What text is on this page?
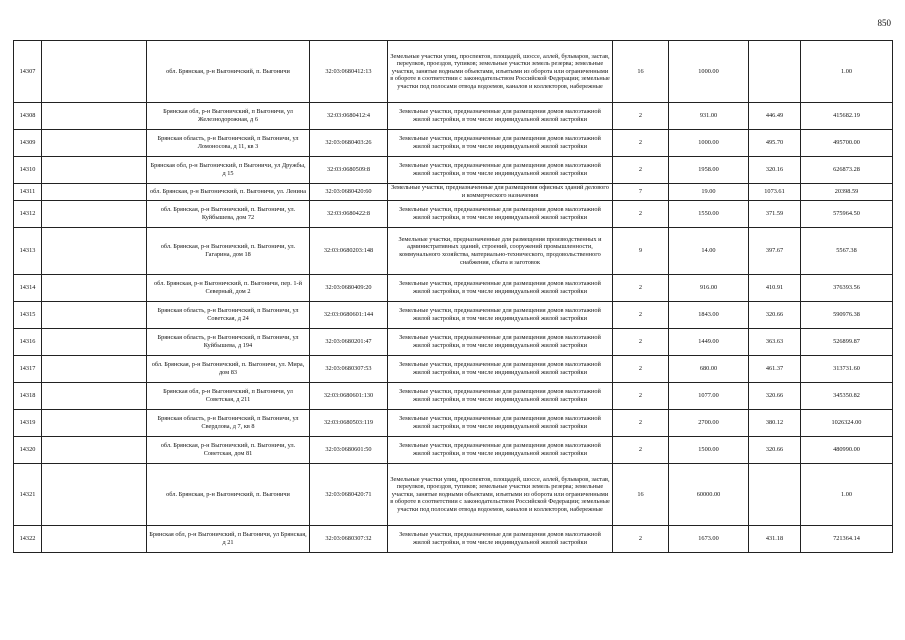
850
14307		обл. Брянская, р-н Выгоничский, п. Выгоничи	32:03:0680412:13	Земельные участки улиц, проспектов, площадей, шоссе, аллей, бульваров, застав, переулков, проездов, тупиков; земельные участки земель резерва; земельные участки, занятые водными объектами, изъятыми из оборота или ограниченными в обороте в соответствии с законодательством Российской Федерации; земельные участки под полосами отвода водоемов, каналов и коллекторов, набережные	16	1000.00		1.00
14308		Брянская обл, р-н Выгоничский, п Выгоничи, ул Железнодорожная, д 6	32:03:0680412:4	Земельные участки, предназначенные для размещения домов малоэтажной жилой застройки, в том числе индивидуальной жилой застройки	2	931.00	446.49	415682.19
14309		Брянская область, р-н Выгоничский, п Выгоничи, ул Ломоносова, д 11, кв 3	32:03:0680403:26	Земельные участки, предназначенные для размещения домов малоэтажной жилой застройки, в том числе индивидуальной жилой застройки	2	1000.00	495.70	495700.00
14310		Брянская обл, р-н Выгоничский, п Выгоничи, ул Дружбы, д 15	32:03:0680509:8	Земельные участки, предназначенные для размещения домов малоэтажной жилой застройки, в том числе индивидуальной жилой застройки	2	1958.00	320.16	626873.28
14311		обл. Брянская, р-н Выгоничский, п. Выгоничи, ул. Ленина	32:03:0680420:60	Земельные участки, предназначенные для размещения офисных зданий делового и коммерческого назначения	7	19.00	1073.61	20398.59
14312		обл. Брянская, р-н Выгоничский, п. Выгоничи, ул. Куйбышева, дом 72	32:03:0680422:8	Земельные участки, предназначенные для размещения домов малоэтажной жилой застройки, в том числе индивидуальной жилой застройки	2	1550.00	371.59	575964.50
14313		обл. Брянская, р-н Выгоничский, п. Выгоничи, ул. Гагарина, дом 18	32:03:0680203:148	Земельные участки, предназначенные для размещения производственных и административных зданий, строений, сооружений промышленности, коммунального хозяйства, материально-технического, продовольственного снабжения, сбыта и заготовок	9	14.00	397.67	5567.38
14314		обл. Брянская, р-н Выгоничский, п. Выгоничи, пер. 1-й Северный, дом 2	32:03:0680409:20	Земельные участки, предназначенные для размещения домов малоэтажной жилой застройки, в том числе индивидуальной жилой застройки	2	916.00	410.91	376393.56
14315		Брянская область, р-н Выгоничский, п Выгоничи, ул Советская, д 24	32:03:0680601:144	Земельные участки, предназначенные для размещения домов малоэтажной жилой застройки, в том числе индивидуальной жилой застройки	2	1843.00	320.66	590976.38
14316		Брянская область, р-н Выгоничский, п Выгоничи, ул Куйбышева, д 194	32:03:0680201:47	Земельные участки, предназначенные для размещения домов малоэтажной жилой застройки, в том числе индивидуальной жилой застройки	2	1449.00	363.63	526899.87
14317		обл. Брянская, р-н Выгоничский, п. Выгоничи, ул. Мира, дом 83	32:03:0680307:53	Земельные участки, предназначенные для размещения домов малоэтажной жилой застройки, в том числе индивидуальной жилой застройки	2	680.00	461.37	313731.60
14318		Брянская обл, р-н Выгоничский, п Выгоничи, ул Советская, д 211	32:03:0680601:130	Земельные участки, предназначенные для размещения домов малоэтажной жилой застройки, в том числе индивидуальной жилой застройки	2	1077.00	320.66	345350.82
14319		Брянская область, р-н Выгоничский, п Выгоничи, ул Свердлова, д 7, кв 8	32:03:0680503:119	Земельные участки, предназначенные для размещения домов малоэтажной жилой застройки, в том числе индивидуальной жилой застройки	2	2700.00	380.12	1026324.00
14320		обл. Брянская, р-н Выгоничский, п. Выгоничи, ул. Советская, дом 81	32:03:0680601:50	Земельные участки, предназначенные для размещения домов малоэтажной жилой застройки, в том числе индивидуальной жилой застройки	2	1500.00	320.66	480990.00
14321		обл. Брянская, р-н Выгоничский, п. Выгоничи	32:03:0680420:71	Земельные участки улиц, проспектов, площадей, шоссе, аллей, бульваров, застав, переулков, проездов, тупиков; земельные участки земель резерва; земельные участки, занятые водными объектами, изъятыми из оборота или ограниченными в обороте в соответствии с законодательством Российской Федерации; земельные участки под полосами отвода водоемов, каналов и коллекторов, набережные	16	60000.00		1.00
14322		Брянская обл, р-н Выгоничский, п Выгоничи, ул Брянская, д 21	32:03:0680307:32	Земельные участки, предназначенные для размещения домов малоэтажной жилой застройки, в том числе индивидуальной жилой застройки	2	1673.00	431.18	721364.14
